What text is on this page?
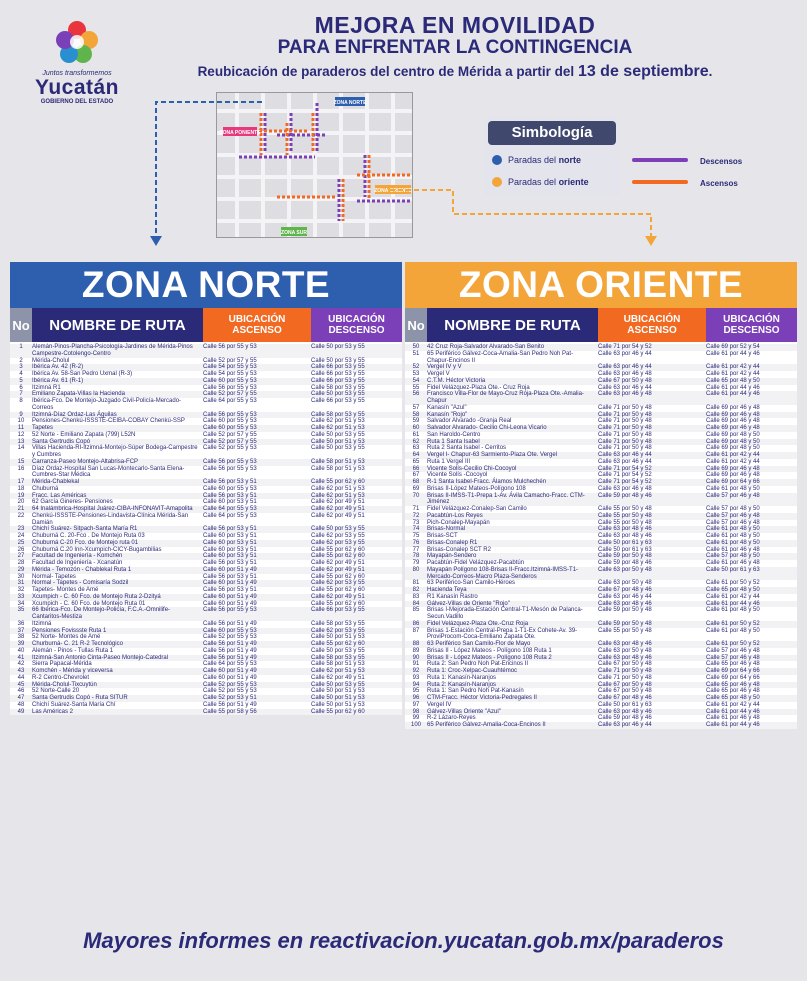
Juntos transformemos
Yucatán
GOBIERNO DEL ESTADO
MEJORA EN MOVILIDAD
PARA ENFRENTAR LA CONTINGENCIA
Reubicación de paraderos del centro de Mérida a partir del 13 de septiembre.
ZONA NORTE
ZONA PONIENTE
ZONA ORIENTE
ZONA SUR
Simbología
Paradas del
norte
Paradas del
oriente
Descensos
Ascensos
ZONA NORTE
No	NOMBRE DE RUTA	UBICACIÓN ASCENSO
UBICACIÓN DESCENSO
1	Alemán-Pinos-Plancha-Psicología-Jardines de Mérida-Pinos Campestre-Cotolengo-Centro
Calle 56 por 55 y 53	Calle 50 por 53 y 55
2	Mérida-Cholul	Calle 52 por 57 y 55	Calle 50 por 53 y 55
3	Ibérica Av. 42 (R-2)	Calle 54 por 55 y 53	Calle 66 por 53 y 55
4	Ibérica Av. 58-San Pedro Uxmal (R-3)	Calle 54 por 55 y 53	Calle 66 por 53 y 55
5	Ibérica Av. 61 (R-1)	Calle 60 por 55 y 53	Calle 66 por 53 y 55
6	Itzimná R1	Calle 56 por 55 y 53	Calle 58 por 53 y 55
7	Emiliano Zapata-Villas la Hacienda	Calle 52 por 57 y 55	Calle 50 por 53 y 55
8	Ibérica-Fco. De Montejo-Juzgado Civil-Policía-Mercado-Correos
Calle 64 por 55 y 53	Calle 66 por 53 y 55
9	Itzimná-Díaz Ordaz-Las Águilas	Calle 56 por 55 y 53	Calle 58 por 53 y 55
10	Pensiones-Chenkú-ISSSTE-CEIBA-COBAY Chenkú-SSP	Calle 60 por 55 y 53	Calle 62 por 51 y 53
11	Tapetes	Calle 60 por 55 y 53	Calle 62 por 51 y 53
12	52 Norte - Emiliano Zapata (799) L52N	Calle 52 por 57 y 55	Calle 50 por 53 y 55
13	Santa Gertrudis Copó	Calle 52 por 57 y 55	Calle 50 por 51 y 53
14	Villas Hacienda-RI-Itzimná-Montejo-Súper Bodega-Campestre y Cumbres
Calle 52 por 55 y 53	Calle 50 por 53 y 55
15	Carranza-Paseo Montejo-Altabrisa-FCP	Calle 56 por 55 y 53	Calle 58 por 51 y 53
16	Díaz Ordaz-Hospital San Lucas-Montecarlo-Santa Elena-Cumbres-Star Médica
Calle 56 por 55 y 53	Calle 58 por 51 y 53
17	Mérida-Chablekal	Calle 56 por 53 y 51	Calle 55 por 62 y 60
18	Chuburná	Calle 60 por 55 y 53	Calle 62 por 51 y 53
19	Fracc. Las Américas	Calle 56 por 53 y 51	Calle 62 por 51 y 53
20	62 García Gineres- Pensiones	Calle 60 por 53 y 51	Calle 62 por 49 y 51
21	64 Inalámbrica-Hospital Juárez-CIBA-INFONAVIT-Amapolita	Calle 64 por 55 y 53	Calle 62 por 49 y 51
22	Chenkú-ISSSTE-Pensiones-Lindavista-Clínica Mérida-San Damián
Calle 64 por 55 y 53	Calle 62 por 49 y 51
23	Chichí Suárez- Sitpach-Santa María R1	Calle 56 por 53 y 51	Calle 50 por 53 y 55
24	Chuburná C. 20-Fco . De Montejo Ruta 03	Calle 60 por 53 y 51	Calle 62 por 53 y 55
25	Chuburná C-20 Fco. de Montejo ruta 01	Calle 60 por 53 y 51	Calle 62 por 53 y 55
26	Chuburná C.20 Inn-Xcumpich-CICY-Bugambilias	Calle 60 por 53 y 51	Calle 55 por 62 y 60
27	Facultad de Ingeniería - Komchén	Calle 60 por 53 y 51	Calle 55 por 62 y 60
28	Facultad de Ingeniería - Xcanatún	Calle 56 por 53 y 51	Calle 62 por 49 y 51
29	Mérida - Temozón - Chablekal Ruta 1	Calle 60 por 51 y 49	Calle 62 por 49 y 51
30	Normal- Tapetes	Calle 56 por 53 y 51	Calle 55 por 62 y 60
31	Normal - Tapetes - Comisaría Sodzil	Calle 60 por 51 y 49	Calle 62 por 53 y 55
32	Tapetes- Montes de Amé	Calle 56 por 53 y 51	Calle 55 por 62 y 60
33	Xcumpich - C. 60 Fco. de Montejo Ruta 2-Dzityá	Calle 60 por 51 y 49	Calle 62 por 49 y 51
34	Xcumpich - C. 60 Fco. de Montejo Ruta 01	Calle 60 por 51 y 49	Calle 55 por 62 y 60
35	66 Ibérica-Fco. De Montejo-Policía, F.C.A.-Omnilife-Cantaritos-Mestiza
Calle 56 por 55 y 53	Calle 66 por 53 y 55
36	Itzimná	Calle 56 por 51 y 49	Calle 58 por 53 y 55
37	Pensiones Fovissste Ruta 1	Calle 60 por 55 y 53	Calle 62 por 53 y 55
38	52 Norte- Montes de Amé	Calle 52 por 55 y 53	Calle 50 por 51 y 53
39	Churburná- C. 21 R-2 Tecnológico	Calle 56 por 51 y 49	Calle 55 por 62 y 60
40	Alemán - Pinos - Tullas Ruta 1	Calle 56 por 51 y 49	Calle 50 por 53 y 55
41	Itzimná-San Antonio Cinta-Paseo Montejo-Catedral	Calle 56 por 51 y 49	Calle 58 por 53 y 55
42	Sierra Papacal-Mérida	Calle 64 por 55 y 53	Calle 58 por 51 y 53
43	Komchén - Mérida y viceversa	Calle 60 por 51 y 49	Calle 62 por 51 y 53
44	R-2 Centro-Chevrolet	Calle 60 por 51 y 49	Calle 62 por 49 y 51
45	Mérida-Cholul-Tixcuytún	Calle 52 por 55 y 53	Calle 50 por 53 y 55
46	52 Norte-Calle 20	Calle 52 por 55 y 53	Calle 50 por 51 y 53
47	Santa Gertrudis Copó - Ruta SITUR	Calle 52 por 53 y 51	Calle 50 por 51 y 53
48	Chichí Suárez-Santa María Chí	Calle 56 por 51 y 49	Calle 50 por 51 y 53
49	Las Américas 2	Calle 55 por 58 y 56	Calle 55 por 62 y 60
ZONA ORIENTE
No	NOMBRE DE RUTA	UBICACIÓN ASCENSO
UBICACIÓN DESCENSO
50	42 Cruz Roja-Salvador Alvarado-San Benito	Calle 71 por 54 y 52	Calle 69 por 52 y 54
51	65 Periférico Gálvez-Coca-Amalia-San Pedro Noh Pat-Chapur-Encinos II
Calle 63 por 46 y 44	Calle 61 por 44 y 46
52	Vergel IV y V	Calle 63 por 46 y 44	Calle 61 por 42 y 44
53	Vergel V	Calle 63 por 46 y 48	Calle 61 por 42 y 44
54	C.T.M. Héctor Victoria	Calle 67 por 50 y 48	Calle 65 por 48 y 50
55	Fidel Velázquez-Plaza Ote.- Cruz Roja	Calle 63 por 46 y 44	Calle 61 por 44 y 46
56	Francisco Villa-Flor de Mayo-Cruz Roja-Plaza Ote.-Amalia-Chapur
Calle 63 por 46 y 48	Calle 61 por 44 y 46
57	Kanasín "Azul"	Calle 71 por 50 y 48	Calle 69 por 46 y 48
58	Kanasín "Rojo"	Calle 71 por 50 y 48	Calle 69 por 46 y 48
59	Salvador Alvarado -Granja Real	Calle 71 por 50 y 48	Calle 69 por 46 y 48
60	Salvador Alvarado- Cecilio Chi-Leona Vicario	Calle 71 por 50 y 48	Calle 69 por 46 y 48
61	San Haroldo-Centro	Calle 71 por 50 y 48	Calle 69 por 48 y 50
62	Ruta 1 Santa Isabel	Calle 71 por 50 y 48	Calle 69 por 48 y 50
63	Ruta 2 Santa Isabel - Cerritos	Calle 71 por 50 y 48	Calle 69 por 48 y 50
64	Vergel I- Chapur-63 Sarmiento-Plaza Ote. Vergel	Calle 63 por 46 y 44	Calle 61 por 42 y 44
65	Ruta 1 Vergel III	Calle 63 por 46 y 44	Calle 61 por 42 y 44
66	Vicente Solís-Cecilio Chi-Cocoyol	Calle 71 por 54 y 52	Calle 69 por 46 y 48
67	Vicente Solís -Cocoyol	Calle 71 por 54 y 52	Calle 69 por 46 y 48
68	R-1 Santa Isabel-Fracc. Álamos Mulchechén	Calle 71 por 54 y 52	Calle 69 por 64 y 66
69	Brisas II-López Mateos-Polígono 108	Calle 63 por 46 y 48	Calle 61 por 48 y 50
70	Brisas II-IMSS-T1-Prepa 1-Av. Ávila Camacho-Fracc. CTM-Jiménez
Calle 59 por 48 y 46	Calle 57 por 46 y 48
71	Fidel Velázquez-Conalep-San Camilo	Calle 55 por 50 y 48	Calle 57 por 48 y 50
72	Pacabtún-Los Reyes	Calle 55 por 50 y 48	Calle 57 por 46 y 48
73	Pich-Conalep-Mayapán	Calle 55 por 50 y 48	Calle 57 por 46 y 48
74	Brisas-Normal	Calle 63 por 48 y 46	Calle 61 por 48 y 50
75	Brisas-SCT	Calle 63 por 48 y 46	Calle 61 por 48 y 50
76	Brisas-Conalep R1	Calle 50 por 61 y 63	Calle 61 por 48 y 50
77	Brisas-Conalep SCT R2	Calle 50 por 61 y 63	Calle 61 por 46 y 48
78	Mayapán-Sendero	Calle 59 por 50 y 48	Calle 57 por 48 y 50
79	Pacabtún-Fidel Velázquez-Pacabtún	Calle 59 por 48 y 46	Calle 61 por 46 y 48
80	Mayapán Polígono 108-Brisas II-Fracc.Itzimná-IMSS-T1-Mercado-Correos-Macro Plaza-Senderos
Calle 63 por 50 y 48	Calle 50 por 61 y 63
81	63 Periférico-San Camilo-Héroes	Calle 63 por 50 y 48	Calle 61 por 50 y 52
82	Hacienda Teya	Calle 67 por 48 y 46	Calle 65 por 48 y 50
83	R1 Kanasín Rastro	Calle 63 por 46 y 44	Calle 61 por 42 y 44
84	Gálvez-Villas de Oriente "Rojo"	Calle 63 por 48 y 46	Calle 61 por 44 y 46
85	Brisas I-Mejorada-Estación Central-T1-Mesón de Palanca-Secun.Vadillo
Calle 59 por 50 y 48	Calle 61 por 48 y 50
86	Fidel Velázquez-Plaza Ote.-Cruz Roja	Calle 59 por 50 y 48	Calle 61 por 50 y 52
87	Brisas 1-Estación Central-Prepa 1-T1-Ex Cohete-Av. 39-ProviProcom-Coca-Emiliano Zapata Ote.
Calle 55 por 50 y 48	Calle 61 por 48 y 50
88	63 Periférico San Camilo-Flor de Mayo	Calle 63 por 48 y 46	Calle 61 por 50 y 52
89	Brisas II - López Mateos - Polígono 108 Ruta 1	Calle 63 por 50 y 48	Calle 57 por 46 y 48
90	Brisas II - López Mateos - Polígono 108 Ruta 2	Calle 63 por 48 y 46	Calle 57 por 46 y 48
91	Ruta 2: San Pedro Noh Pat-Encinos II	Calle 67 por 50 y 48	Calle 65 por 46 y 48
92	Ruta 1: Croc-Xelpac-Cuauhtémoc	Calle 71 por 50 y 48	Calle 69 por 64 y 66
93	Ruta 1: Kanasín-Naranjos	Calle 71 por 50 y 48	Calle 69 por 64 y 66
94	Ruta 2: Kanasín-Naranjos	Calle 67 por 50 y 48	Calle 65 por 46 y 48
95	Ruta 1: San Pedro Noh Pat-Kanasín	Calle 67 por 50 y 48	Calle 65 por 46 y 48
96	CTM-Fracc. Héctor Victoria-Pedregales II	Calle 67 por 48 y 46	Calle 65 por 48 y 50
97	Vergel IV	Calle 50 por 61 y 63	Calle 61 por 42 y 44
98	Gálvez-Villas Oriente "Azul"	Calle 63 por 48 y 46	Calle 61 por 44 y 46
99	R-2 Lázaro-Reyes	Calle 59 por 48 y 46	Calle 61 por 46 y 48
100	65 Periférico Gálvez-Amalia-Coca-Encinos II	Calle 63 por 46 y 44	Calle 61 por 44 y 46
Mayores informes en reactivacion.yucatan.gob.mx/paraderos
